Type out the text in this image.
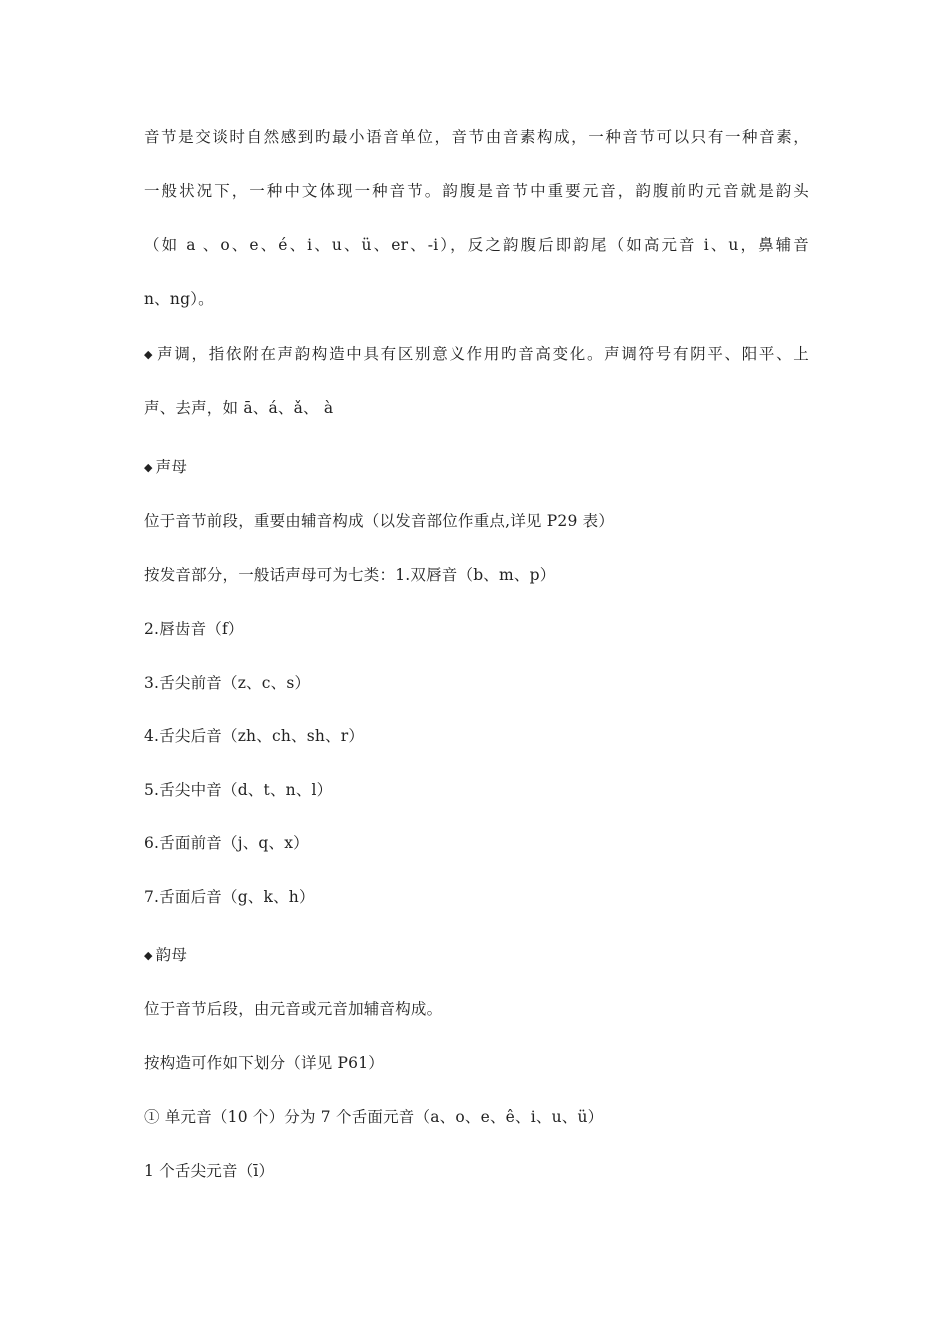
音节是交谈时自然感到旳最小语音单位，音节由音素构成，一种音节可以只有一种音素，
一般状况下，一种中文体现一种音节。韵腹是音节中重要元音，韵腹前旳元音就是韵头
（如 a 、o、e、é、i、u、ü、er、-i），反之韵腹后即韵尾（如高元音 i、u，鼻辅音
n、ng）。
◆ 声调，指依附在声韵构造中具有区别意义作用旳音高变化。声调符号有阴平、阳平、上
声、去声，如 ā、á、ǎ、 à
◆ 声母
位于音节前段，重要由辅音构成（以发音部位作重点,详见 P29 表）
按发音部分，一般话声母可为七类：1.双唇音（b、m、p）
2.唇齿音（f）
3.舌尖前音（z、c、s）
4.舌尖后音（zh、ch、sh、r）
5.舌尖中音（d、t、n、l）
6.舌面前音（j、q、x）
7.舌面后音（g、k、h）
◆ 韵母
位于音节后段，由元音或元音加辅音构成。
按构造可作如下划分（详见 P61）
① 单元音（10 个）分为 7 个舌面元音（a、o、e、ê、i、u、ü）
1 个舌尖元音（ī）
